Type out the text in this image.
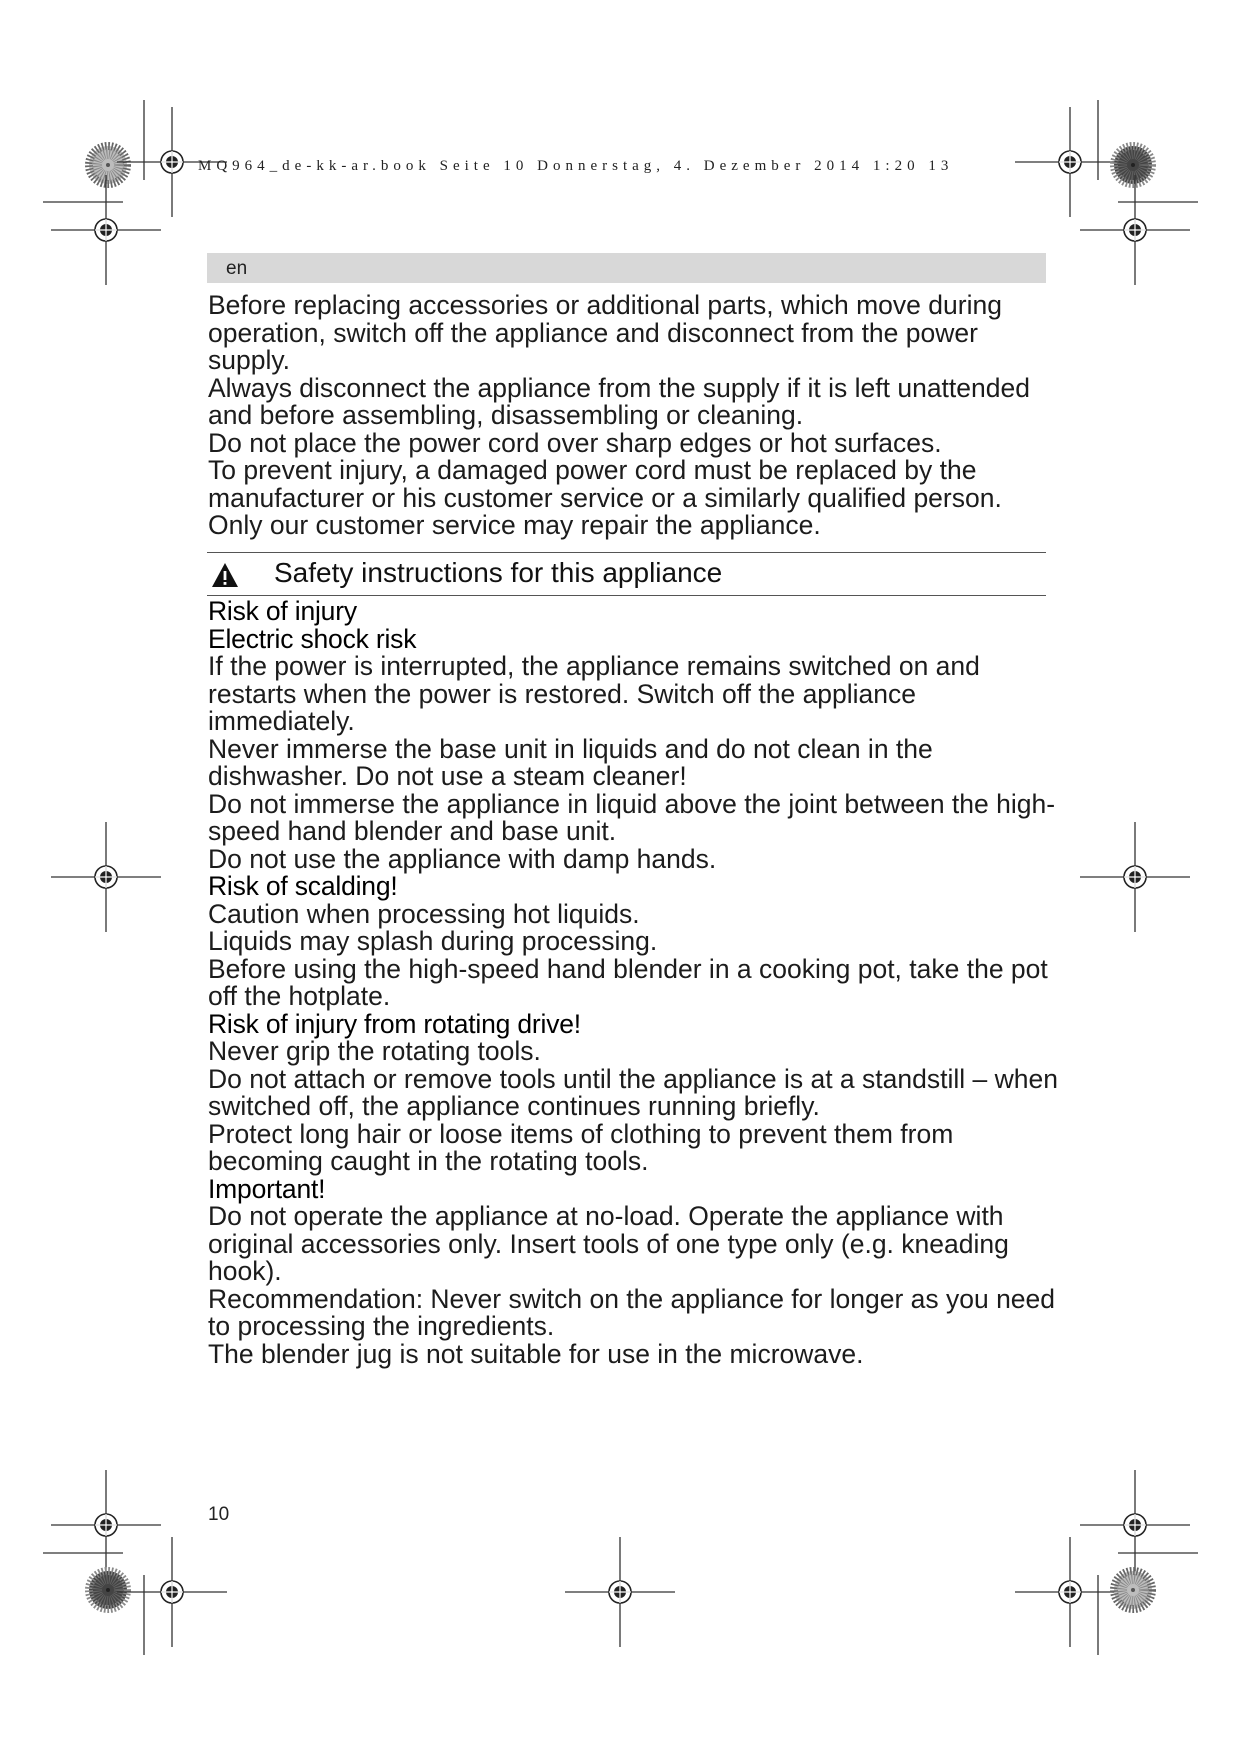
MQ964_de-kk-ar.book Seite 10 Donnerstag, 4. Dezember 2014 1:20 13
en

Before replacing accessories or additional parts, which move during operation, switch off the appliance and disconnect from the power supply.

Always disconnect the appliance from the supply if it is left unattended and before assembling, disassembling or cleaning.

Do not place the power cord over sharp edges or hot surfaces.

To prevent injury, a damaged power cord must be replaced by the manufacturer or his customer service or a similarly qualified person.

Only our customer service may repair the appliance.

Safety instructions for this appliance

Risk of injury

Electric shock risk

If the power is interrupted, the appliance remains switched on and restarts when the power is restored. Switch off the appliance immediately.

Never immerse the base unit in liquids and do not clean in the dishwasher. Do not use a steam cleaner!

Do not immerse the appliance in liquid above the joint between the high-speed hand blender and base unit.

Do not use the appliance with damp hands.

Risk of scalding!

Caution when processing hot liquids.

Liquids may splash during processing.

Before using the high-speed hand blender in a cooking pot, take the pot off the hotplate.

Risk of injury from rotating drive!

Never grip the rotating tools.

Do not attach or remove tools until the appliance is at a standstill – when switched off, the appliance continues running briefly.

Protect long hair or loose items of clothing to prevent them from becoming caught in the rotating tools.

Important!

Do not operate the appliance at no-load. Operate the appliance with original accessories only. Insert tools of one type only (e.g. kneading hook).

Recommendation: Never switch on the appliance for longer as you need to processing the ingredients.

The blender jug is not suitable for use in the microwave.

10
